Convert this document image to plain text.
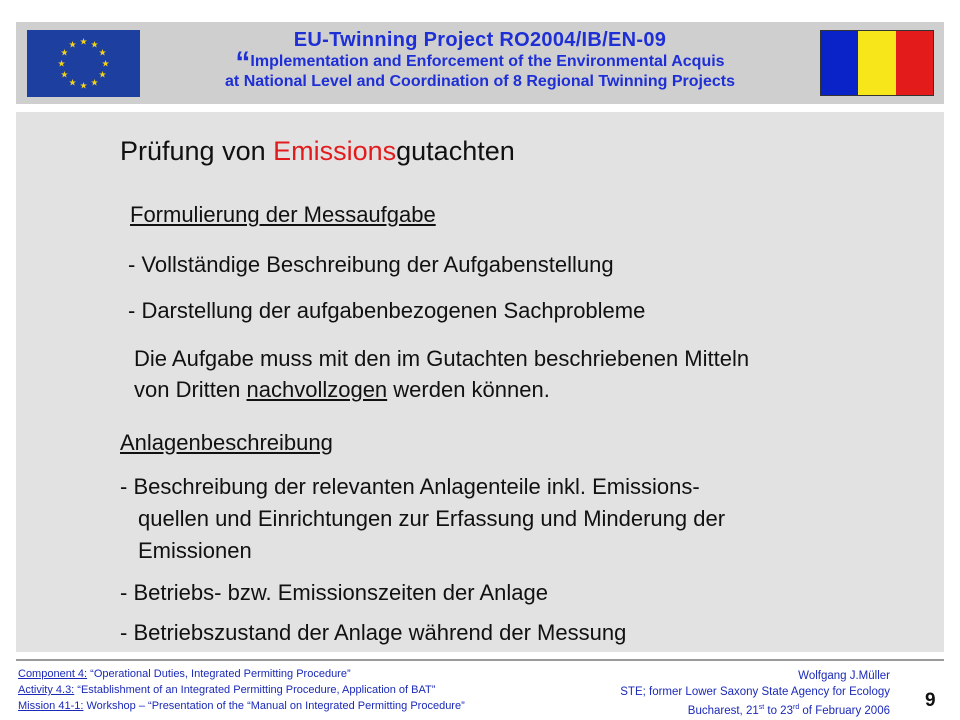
★ ★
★
★
★
★
★
★
★
★
★
★	EU-Twinning Project RO2004/IB/EN-09
“Implementation and Enforcement of the Environmental Acquis
at National Level and Coordination of 8 Regional Twinning Projects
Prüfung von Emissionsgutachten
Formulierung der Messaufgabe
- Vollständige Beschreibung der Aufgabenstellung
- Darstellung der aufgabenbezogenen Sachprobleme
Die Aufgabe muss mit den im Gutachten beschriebenen Mitteln
von Dritten nachvollzogen werden können.
Anlagenbeschreibung
- Beschreibung der relevanten Anlagenteile inkl. Emissions-
quellen und Einrichtungen zur Erfassung und Minderung der
Emissionen
- Betriebs- bzw. Emissionszeiten der Anlage
- Betriebszustand der Anlage während der Messung
Component 4: “Operational Duties, Integrated Permitting Procedure”
Activity 4.3: “Establishment of an Integrated Permitting Procedure, Application of BAT”
Mission 41-1: Workshop – “Presentation of the “Manual on Integrated Permitting Procedure”
Wolfgang J.Müller
STE; former Lower Saxony State Agency for Ecology
Bucharest, 21st to 23rd of February 2006 9
